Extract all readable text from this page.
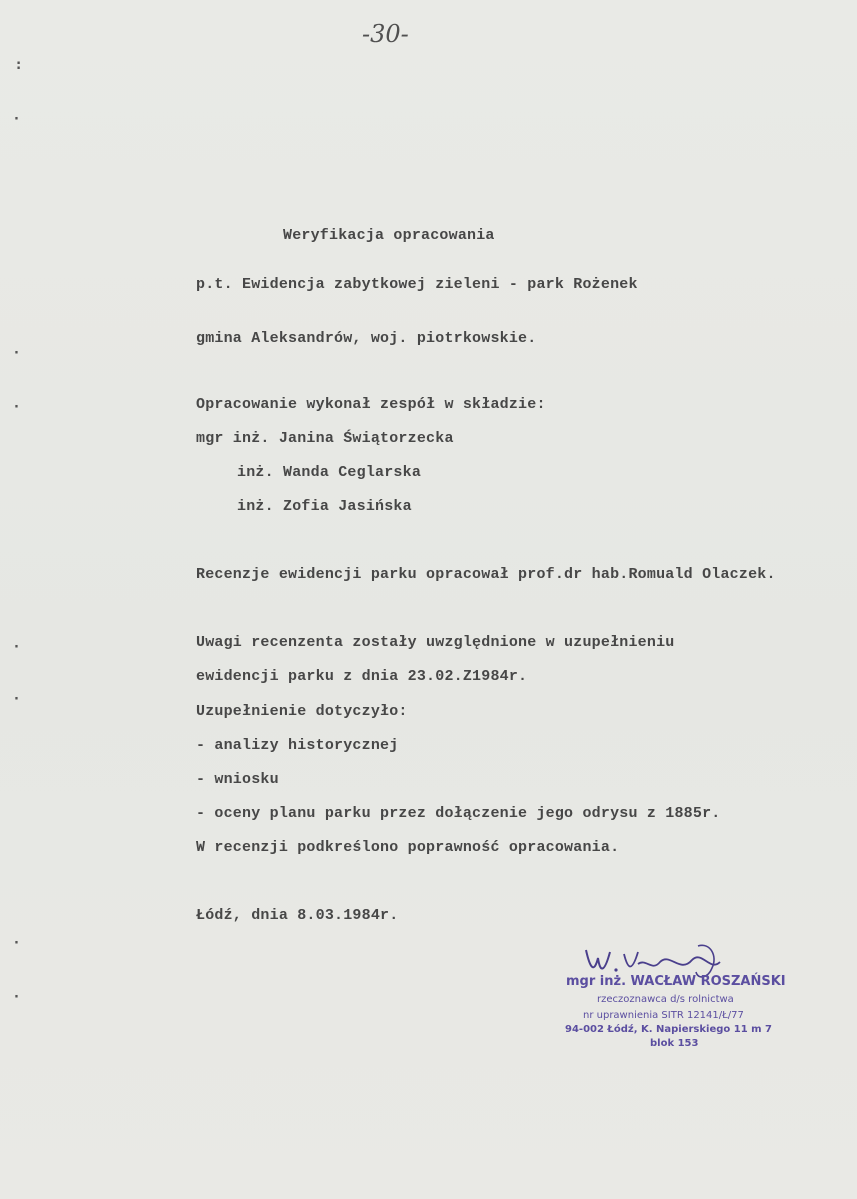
:
·
·
·
·
·
·
·
-30-
Weryfikacja opracowania
p.t. Ewidencja zabytkowej zieleni - park Rożenek
gmina Aleksandrów, woj. piotrkowskie.
Opracowanie wykonał zespół w składzie:
mgr inż. Janina Świątorzecka
inż. Wanda Ceglarska
inż. Zofia Jasińska
Recenzje ewidencji parku opracował prof.dr hab.Romuald Olaczek.
Uwagi recenzenta zostały uwzględnione w uzupełnieniu
ewidencji parku z dnia 23.02.Z1984r.
Uzupełnienie dotyczyło:
- analizy historycznej
- wniosku
- oceny planu parku przez dołączenie jego odrysu z 1885r.
W recenzji podkreślono poprawność opracowania.
Łódź, dnia 8.03.1984r.
mgr inż. WACŁAW ROSZAŃSKI
rzeczoznawca d/s rolnictwa
nr uprawnienia SITR 12141/Ł/77
94-002 Łódź, K. Napierskiego 11 m 7
blok 153
